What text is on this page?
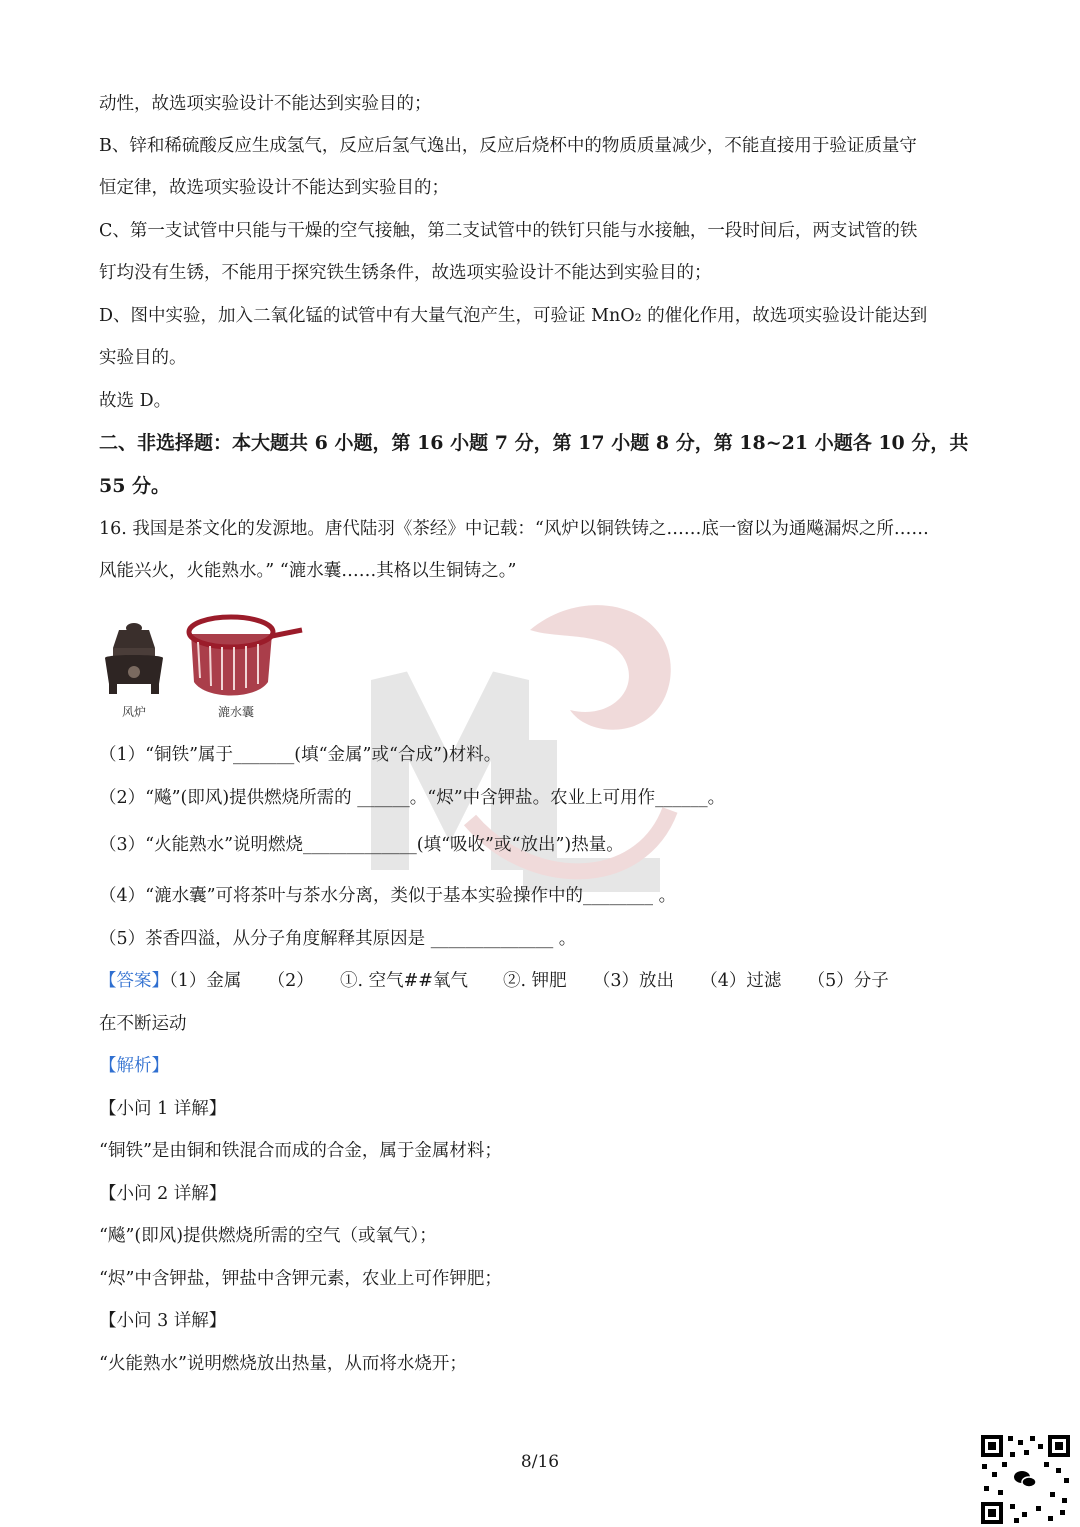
动性，故选项实验设计不能达到实验目的；
B、锌和稀硫酸反应生成氢气，反应后氢气逸出，反应后烧杯中的物质质量减少，不能直接用于验证质量守
恒定律，故选项实验设计不能达到实验目的；
C、第一支试管中只能与干燥的空气接触，第二支试管中的铁钉只能与水接触，一段时间后，两支试管的铁
钉均没有生锈，不能用于探究铁生锈条件，故选项实验设计不能达到实验目的；
D、图中实验，加入二氧化锰的试管中有大量气泡产生，可验证 MnO₂ 的催化作用，故选项实验设计能达到
实验目的。
故选 D。
二、非选择题：本大题共 6 小题，第 16 小题 7 分，第 17 小题 8 分，第 18~21 小题各 10 分，共
55 分。
16. 我国是茶文化的发源地。唐代陆羽《茶经》中记载：“风炉以铜铁铸之……底一窗以为通飚漏烬之所……
风能兴火，火能熟水。” “漉水囊……其格以生铜铸之。”
风炉	漉水囊
（1）“铜铁”属于_______(填“金属”或“合成”)材料。
（2）“飚”(即风)提供燃烧所需的 ______。“烬”中含钾盐。农业上可用作______。
（3）“火能熟水”说明燃烧_____________(填“吸收”或“放出”)热量。
（4）“漉水囊”可将茶叶与茶水分离，类似于基本实验操作中的________ 。
（5）茶香四溢，从分子角度解释其原因是 ______________ 。
【答案】（1）金属　　（2）　　①. 空气##氧气　　②. 钾肥　　（3）放出　　（4）过滤　　（5）分子
在不断运动
【解析】
【小问 1 详解】
“铜铁”是由铜和铁混合而成的合金，属于金属材料；
【小问 2 详解】
“飚”(即风)提供燃烧所需的空气（或氧气）；
“烬”中含钾盐，钾盐中含钾元素，农业上可作钾肥；
【小问 3 详解】
“火能熟水”说明燃烧放出热量，从而将水烧开；
8/16
